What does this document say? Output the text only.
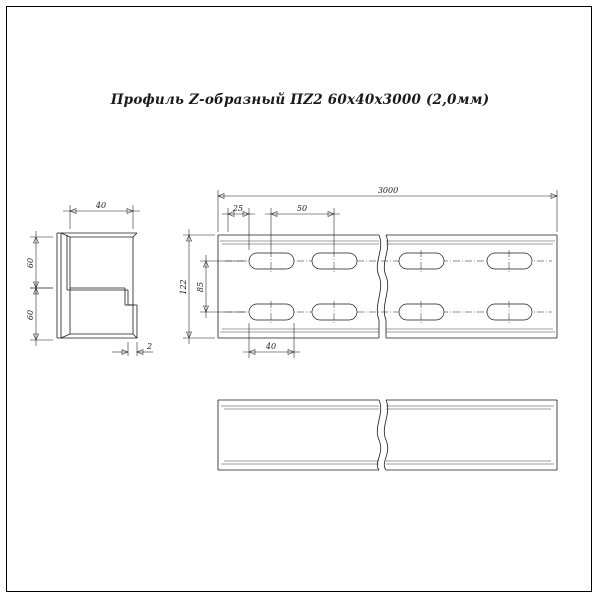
Профиль Z-образный ПZ2 60х40х3000 (2,0мм)
40
60
60
2
3000
25	50
122 85
40
